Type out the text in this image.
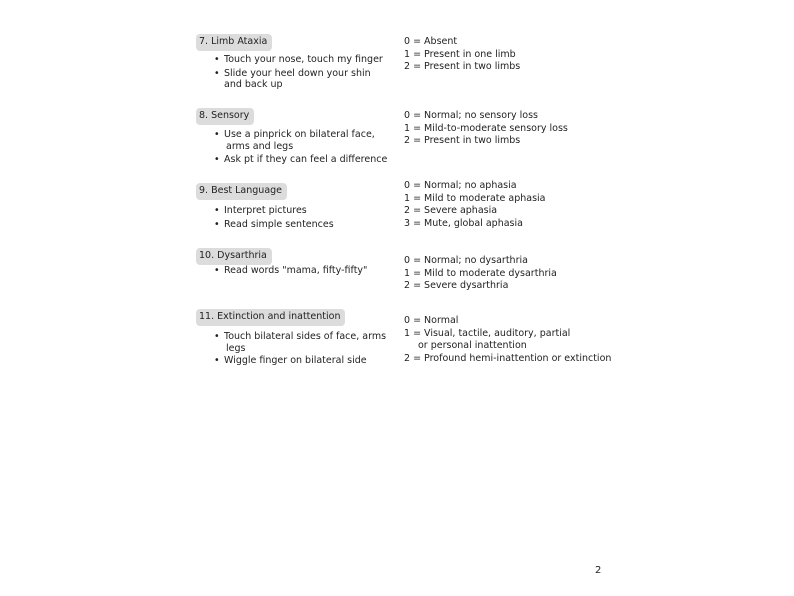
7. Limb Ataxia
• Touch your nose, touch my finger
• Slide your heel down your shin
and back up
0 = Absent
1 = Present in one limb
2 = Present in two limbs
8. Sensory
• Use a pinprick on bilateral face,
arms and legs
• Ask pt if they can feel a difference
0 = Normal; no sensory loss
1 = Mild-to-moderate sensory loss
2 = Present in two limbs
9. Best Language
• Interpret pictures
• Read simple sentences
0 = Normal; no aphasia
1 = Mild to moderate aphasia
2 = Severe aphasia
3 = Mute, global aphasia
10. Dysarthria
• Read words "mama, fifty-fifty"
0 = Normal; no dysarthria
1 = Mild to moderate dysarthria
2 = Severe dysarthria
11. Extinction and inattention
• Touch bilateral sides of face, arms
legs
• Wiggle finger on bilateral side
0 = Normal
1 = Visual, tactile, auditory, partial
or personal inattention
2 = Profound hemi-inattention or extinction
2
